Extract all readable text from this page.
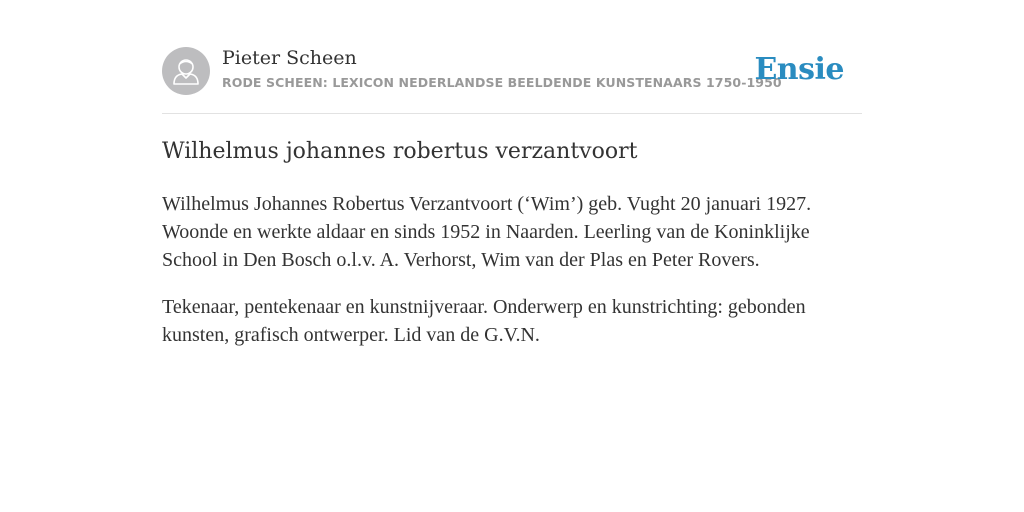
Pieter Scheen
RODE SCHEEN: LEXICON NEDERLANDSE BEELDENDE KUNSTENAARS 1750-1950
Ensie
Wilhelmus johannes robertus verzantvoort

Wilhelmus Johannes Robertus Verzantvoort (‘Wim’) geb. Vught 20 januari 1927. Woonde en werkte aldaar en sinds 1952 in Naarden. Leerling van de Koninklijke School in Den Bosch o.l.v. A. Verhorst, Wim van der Plas en Peter Rovers.

Tekenaar, pentekenaar en kunstnijveraar. Onderwerp en kunstrichting: gebonden kunsten, grafisch ontwerper. Lid van de G.V.N.
